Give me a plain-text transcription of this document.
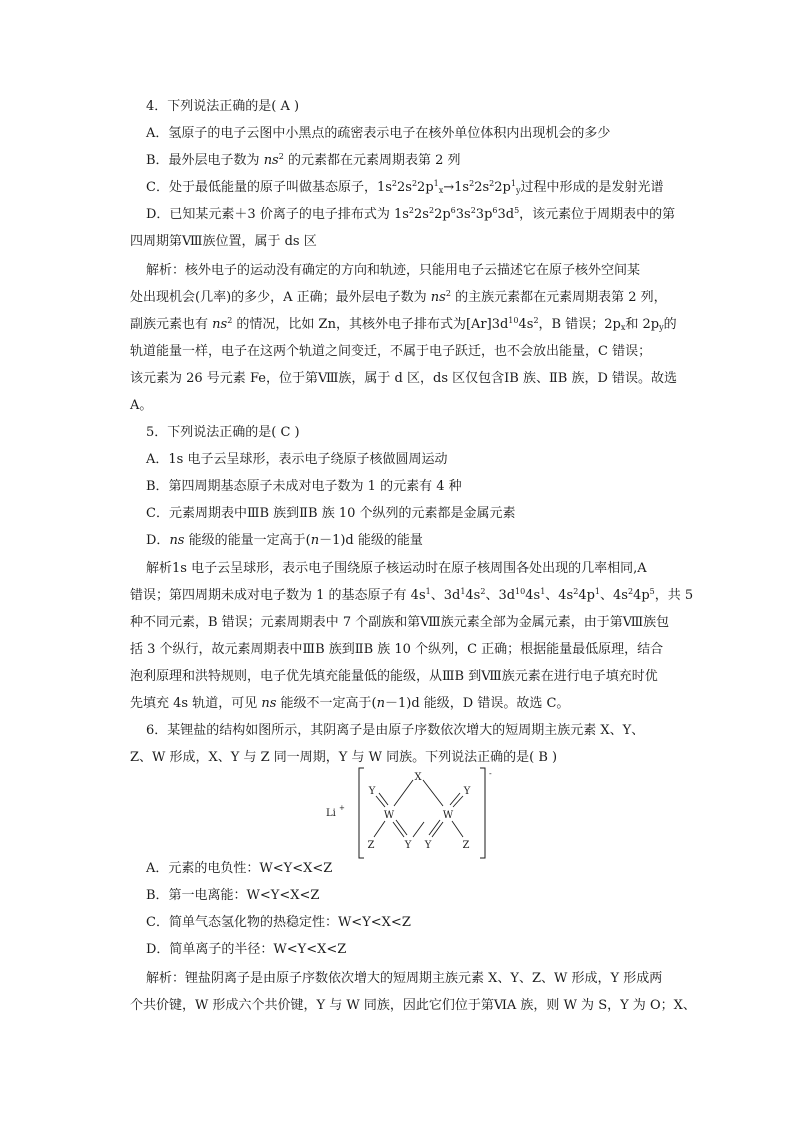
4．下列说法正确的是( A )
A．氢原子的电子云图中小黑点的疏密表示电子在核外单位体积内出现机会的多少
B．最外层电子数为 $ns^2$ 的元素都在元素周期表第 2 列
C．处于最低能量的原子叫做基态原子，$1s^22s^22p^1_x\to 1s^22s^22p^1_y$过程中形成的是发射光谱
D．已知某元素＋3 价离子的电子排布式为 $1s^22s^22p^63s^23p^63d^5$，该元素位于周期表中的第
四周期第Ⅷ族位置，属于 ds 区
解析：核外电子的运动没有确定的方向和轨迹，只能用电子云描述它在原子核外空间某
处出现机会(几率)的多少，A 正确；最外层电子数为 $ns^2$ 的主族元素都在元素周期表第 2 列，
副族元素也有 $ns^2$ 的情况，比如 Zn，其核外电子排布式为$[Ar]3d^{10}4s^2$，B 错误；$2p_x$和 $2p_y$的
轨道能量一样，电子在这两个轨道之间变迁，不属于电子跃迁，也不会放出能量，C 错误；
该元素为 26 号元素 Fe，位于第Ⅷ族，属于 d 区，ds 区仅包含ⅠB 族、ⅡB 族，D 错误。故选
A。
5．下列说法正确的是( C )
A．1s 电子云呈球形，表示电子绕原子核做圆周运动
B．第四周期基态原子未成对电子数为 1 的元素有 4 种
C．元素周期表中ⅢB 族到ⅡB 族 10 个纵列的元素都是金属元素
D．ns 能级的能量一定高于(n－1)d 能级的能量
解析1s 电子云呈球形，表示电子围绕原子核运动时在原子核周围各处出现的几率相同,A
错误；第四周期未成对电子数为 1 的基态原子有 $4s^1$、$3d^14s^2$、$3d^{10}4s^1$、$4s^24p^1$、$4s^24p^5$，共 5
种不同元素，B 错误；元素周期表中 7 个副族和第Ⅷ族元素全部为金属元素，由于第Ⅷ族包
括 3 个纵行，故元素周期表中ⅢB 族到ⅡB 族 10 个纵列，C 正确；根据能量最低原理，结合
泡利原理和洪特规则，电子优先填充能量低的能级，从ⅢB 到Ⅷ族元素在进行电子填充时优
先填充 4s 轨道，可见 ns 能级不一定高于(n－1)d 能级，D 错误。故选 C。
6．某锂盐的结构如图所示，其阴离子是由原子序数依次增大的短周期主族元素 X、Y、
Z、W 形成，X、Y 与 Z 同一周期，Y 与 W 同族。下列说法正确的是( B )
Li +
-
X
Y	Y
W	W
Z	Y Y	Z
A．元素的电负性：W<Y<X<Z
B．第一电离能：W<Y<X<Z
C．简单气态氢化物的热稳定性：W<Y<X<Z
D．简单离子的半径：W<Y<X<Z
解析：锂盐阴离子是由原子序数依次增大的短周期主族元素 X、Y、Z、W 形成，Y 形成两
个共价键，W 形成六个共价键，Y 与 W 同族，因此它们位于第ⅥA 族，则 W 为 S，Y 为 O；X、
